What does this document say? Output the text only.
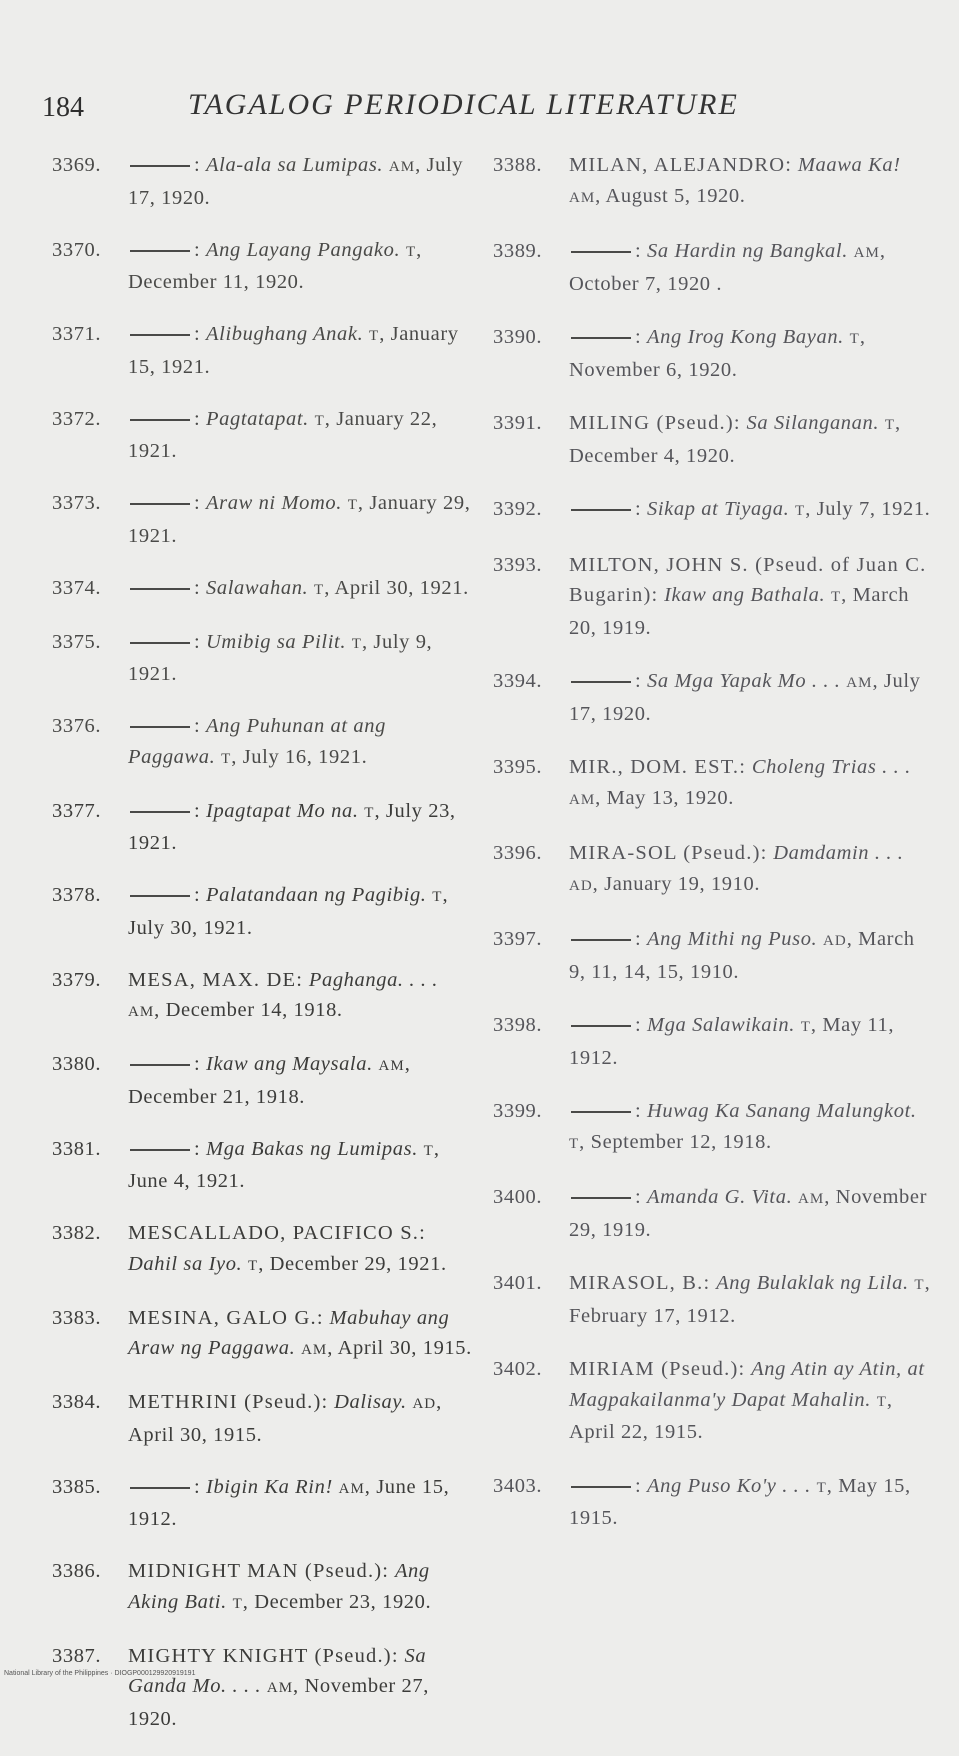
184	TAGALOG PERIODICAL LITERATURE
3369.	: Ala-ala sa Lumipas. AM, July 17, 1920.
3370.	: Ang Layang Pangako. T, December 11, 1920.
3371.	: Alibughang Anak. T, January 15, 1921.
3372.	: Pagtatapat. T, January 22, 1921.
3373.	: Araw ni Momo. T, January 29, 1921.
3374.	: Salawahan. T, April 30, 1921.
3375.	: Umibig sa Pilit. T, July 9, 1921.
3376.	: Ang Puhunan at ang Paggawa. T, July 16, 1921.
3377.	: Ipagtapat Mo na. T, July 23, 1921.
3378.	: Palatandaan ng Pagibig. T, July 30, 1921.
3379. MESA, MAX. DE: Paghanga. . . . AM, December 14, 1918.
3380.	: Ikaw ang Maysala. AM, December 21, 1918.
3381.	: Mga Bakas ng Lumipas. T, June 4, 1921.
3382. MESCALLADO, PACIFICO S.: Dahil sa Iyo. T, December 29, 1921.
3383. MESINA, GALO G.: Mabuhay ang Araw ng Paggawa. AM, April 30, 1915.
3384. METHRINI (Pseud.): Dalisay. AD, April 30, 1915.
3385.	: Ibigin Ka Rin! AM, June 15, 1912.
3386. MIDNIGHT MAN (Pseud.): Ang Aking Bati. T, December 23, 1920.
3387. MIGHTY KNIGHT (Pseud.): Sa Ganda Mo. . . . AM, November 27, 1920.
3388. MILAN, ALEJANDRO: Maawa Ka! AM, August 5, 1920.
3389.	: Sa Hardin ng Bangkal. AM, October 7, 1920 .
3390.	: Ang Irog Kong Bayan. T, November 6, 1920.
3391. MILING (Pseud.): Sa Silanganan. T, December 4, 1920.
3392.	: Sikap at Tiyaga. T, July 7, 1921.
3393. MILTON, JOHN S. (Pseud. of Juan C. Bugarin): Ikaw ang Bathala. T, March 20, 1919.
3394.	: Sa Mga Yapak Mo . . . AM, July 17, 1920.
3395. MIR., DOM. EST.: Choleng Trias . . . AM, May 13, 1920.
3396. MIRA-SOL (Pseud.): Damdamin . . . AD, January 19, 1910.
3397.	: Ang Mithi ng Puso. AD, March 9, 11, 14, 15, 1910.
3398.	: Mga Salawikain. T, May 11, 1912.
3399.	: Huwag Ka Sanang Malungkot. T, September 12, 1918.
3400.	: Amanda G. Vita. AM, November 29, 1919.
3401. MIRASOL, B.: Ang Bulaklak ng Lila. T, February 17, 1912.
3402. MIRIAM (Pseud.): Ang Atin ay Atin, at Magpakailanma'y Dapat Mahalin. T, April 22, 1915.
3403.	: Ang Puso Ko'y . . . T, May 15, 1915.
National Library of the Philippines · DIOGP000129920919191
